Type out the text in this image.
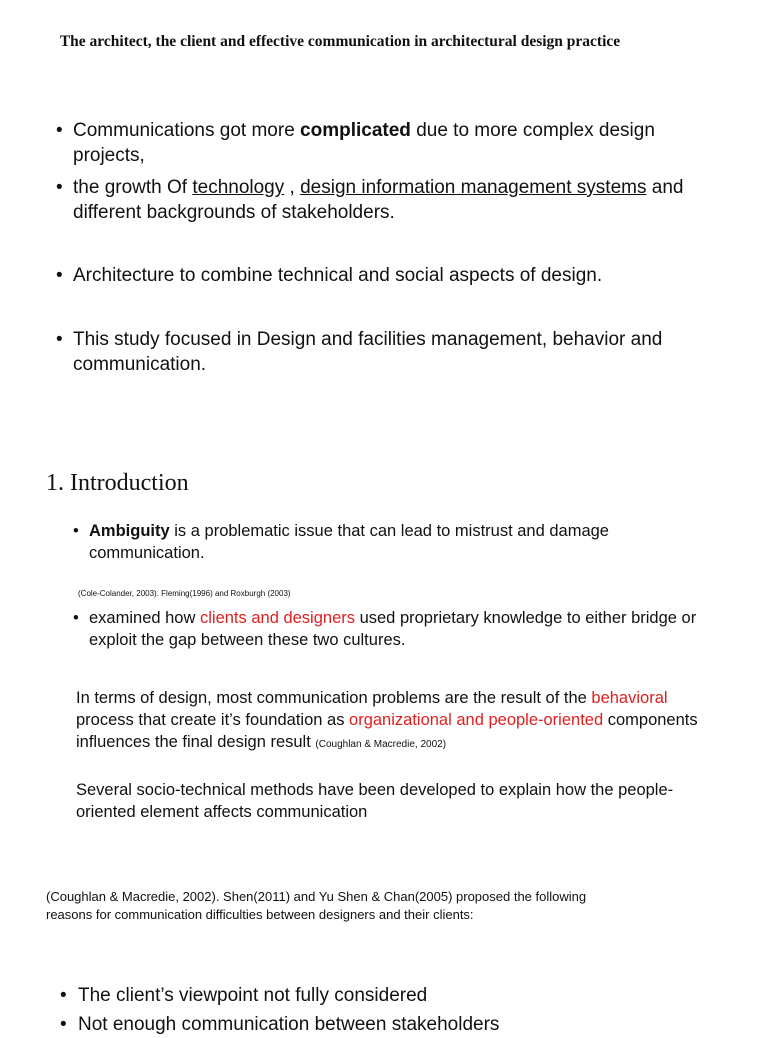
The architect, the client and effective communication in architectural design practice
• Communications got more complicated due to more complex design projects,
• the growth Of technology , design information management systems and different backgrounds of stakeholders.
• Architecture to combine technical and social aspects of design.
• This study focused in Design and facilities management, behavior and communication.
1. Introduction
• Ambiguity is a problematic issue that can lead to mistrust and damage communication.
(Cole-Colander, 2003). Fleming(1996) and Roxburgh (2003)
• examined how clients and designers used proprietary knowledge to either bridge or exploit the gap between these two cultures.
In terms of design, most communication problems are the result of the behavioral process that create it’s foundation as organizational and people-oriented components influences the final design result (Coughlan & Macredie, 2002)
Several socio-technical methods have been developed to explain how the people-oriented element affects communication
(Coughlan & Macredie, 2002). Shen(2011) and Yu Shen & Chan(2005) proposed the following reasons for communication difficulties between designers and their clients:
• The client’s viewpoint not fully considered
• Not enough communication between stakeholders
